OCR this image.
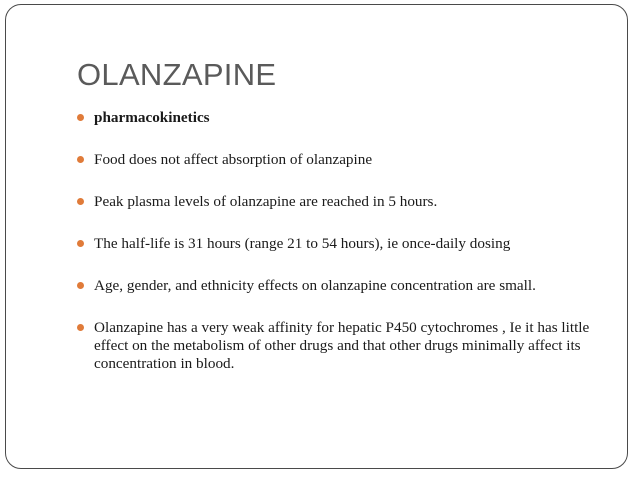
OLANZAPINE
pharmacokinetics
Food does not affect absorption of olanzapine
Peak plasma levels of olanzapine are reached in 5 hours.
The half-life is 31 hours (range 21 to 54 hours), ie once-daily dosing
Age, gender, and ethnicity effects on olanzapine concentration are small.
Olanzapine has a very weak affinity for hepatic P450 cytochromes , Ie it has little effect on the metabolism of other drugs and that other drugs minimally affect its concentration in blood.
